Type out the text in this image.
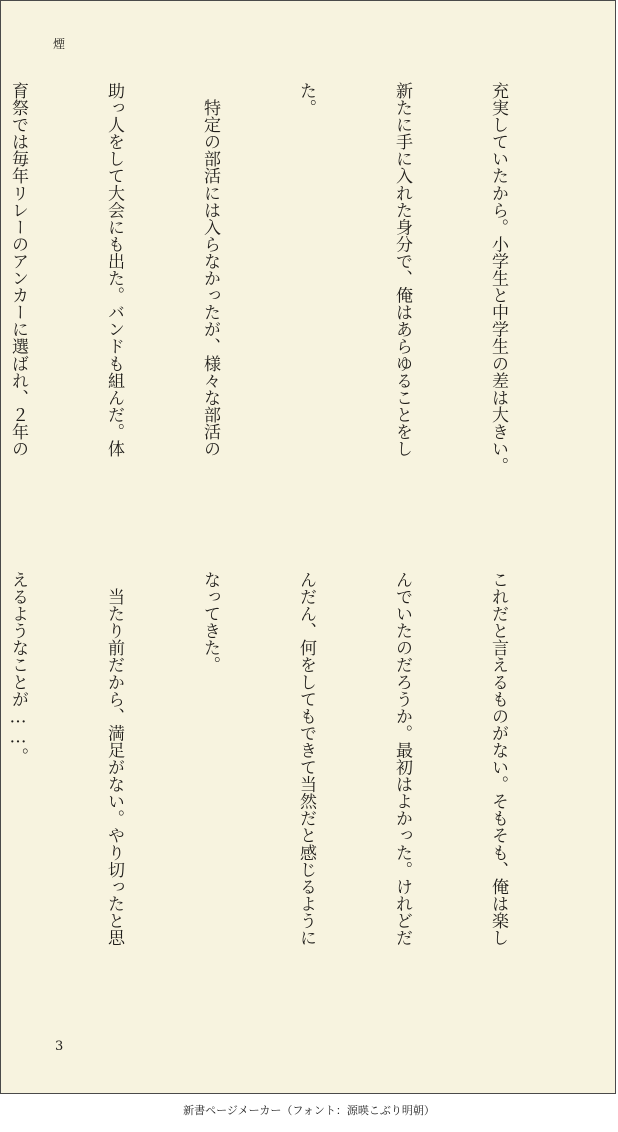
煙

充実していたから。小学生と中学生の差は大きい。

新たに手に入れた身分で、俺はあらゆることをし

た。

　特定の部活には入らなかったが、様々な部活の

助っ人をして大会にも出た。バンドも組んだ。体

育祭では毎年リレーのアンカーに選ばれ、２年の

これだと言えるものがない。そもそも、俺は楽し

んでいたのだろうか。最初はよかった。けれどだ

んだん、何をしてもできて当然だと感じるように

なってきた。

　当たり前だから、満足がない。やり切ったと思

えるようなことが……。

3
新書ページメーカー（フォント：源暎こぶり明朝）
